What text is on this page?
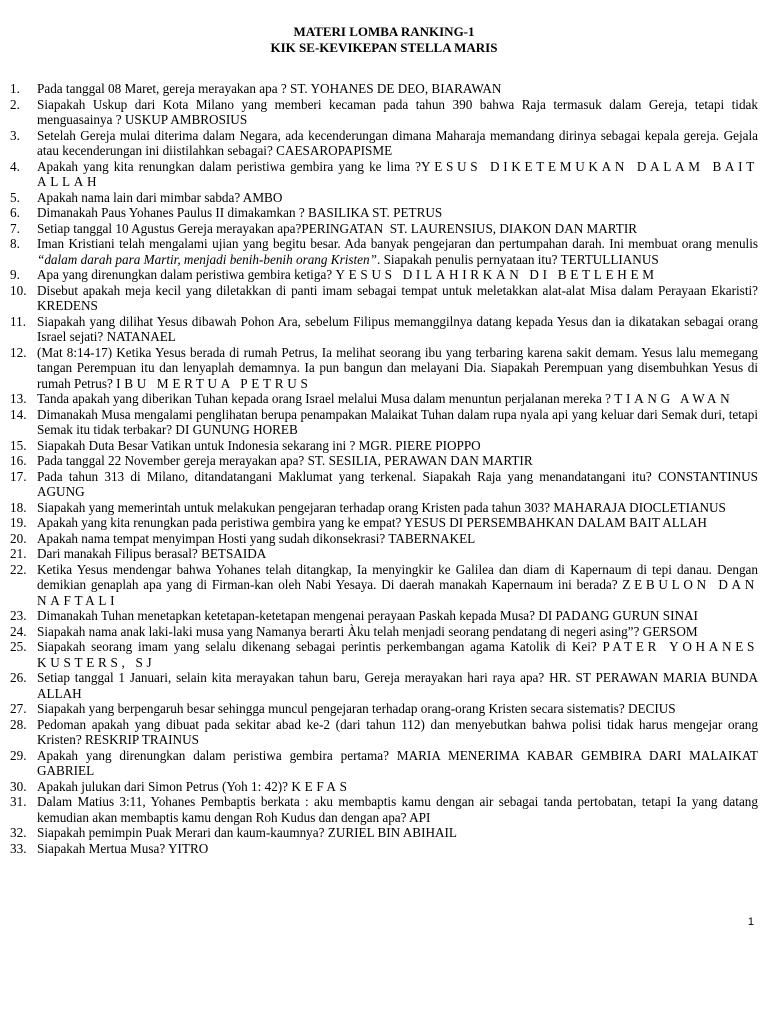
MATERI LOMBA RANKING-1
KIK SE-KEVIKEPAN STELLA MARIS
1. Pada tanggal 08 Maret, gereja merayakan apa ? ST. YOHANES DE DEO, BIARAWAN
2. Siapakah Uskup dari Kota Milano yang memberi kecaman pada tahun 390 bahwa Raja termasuk dalam Gereja, tetapi tidak menguasainya ? USKUP AMBROSIUS
3. Setelah Gereja mulai diterima dalam Negara, ada kecenderungan dimana Maharaja memandang dirinya sebagai kepala gereja. Gejala atau kecenderungan ini diistilahkan sebagai? CAESAROPAPISME
4. Apakah yang kita renungkan dalam peristiwa gembira yang ke lima ?YESUS DIKETEMUKAN DALAM BAIT ALLAH
5. Apakah nama lain dari mimbar sabda? AMBO
6. Dimanakah Paus Yohanes Paulus II dimakamkan ? BASILIKA ST. PETRUS
7. Setiap tanggal 10 Agustus Gereja merayakan apa?PERINGATAN  ST. LAURENSIUS, DIAKON DAN MARTIR
8. Iman Kristiani telah mengalami ujian yang begitu besar. Ada banyak pengejaran dan pertumpahan darah. Ini membuat orang menulis “dalam darah para Martir, menjadi benih-benih orang Kristen”. Siapakah penulis pernyataan itu? TERTULLIANUS
9. Apa yang direnungkan dalam peristiwa gembira ketiga? YESUS DILAHIRKAN DI BETLEHEM
10. Disebut apakah meja kecil yang diletakkan di panti imam sebagai tempat untuk meletakkan alat-alat Misa dalam Perayaan Ekaristi? KREDENS
11. Siapakah yang dilihat Yesus dibawah Pohon Ara, sebelum Filipus memanggilnya datang kepada Yesus dan ia dikatakan sebagai orang Israel sejati? NATANAEL
12. (Mat 8:14-17) Ketika Yesus berada di rumah Petrus, Ia melihat seorang ibu yang terbaring karena sakit demam. Yesus lalu memegang tangan Perempuan itu dan lenyaplah demamnya. Ia pun bangun dan melayani Dia. Siapakah Perempuan yang disembuhkan Yesus di rumah Petrus? IBU MERTUA PETRUS
13. Tanda apakah yang diberikan Tuhan kepada orang Israel melalui Musa dalam menuntun perjalanan mereka ? TIANG AWAN
14. Dimanakah Musa mengalami penglihatan berupa penampakan Malaikat Tuhan dalam rupa nyala api yang keluar dari Semak duri, tetapi Semak itu tidak terbakar? DI GUNUNG HOREB
15. Siapakah Duta Besar Vatikan untuk Indonesia sekarang ini ? MGR. PIERE PIOPPO
16. Pada tanggal 22 November gereja merayakan apa? ST. SESILIA, PERAWAN DAN MARTIR
17. Pada tahun 313 di Milano, ditandatangani Maklumat yang terkenal. Siapakah Raja yang menandatangani itu? CONSTANTINUS AGUNG
18. Siapakah yang memerintah untuk melakukan pengejaran terhadap orang Kristen pada tahun 303? MAHARAJA DIOCLETIANUS
19. Apakah yang kita renungkan pada peristiwa gembira yang ke empat? YESUS DI PERSEMBAHKAN DALAM BAIT ALLAH
20. Apakah nama tempat menyimpan Hosti yang sudah dikonsekrasi? TABERNAKEL
21. Dari manakah Filipus berasal? BETSAIDA
22. Ketika Yesus mendengar bahwa Yohanes telah ditangkap, Ia menyingkir ke Galilea dan diam di Kapernaum di tepi danau. Dengan demikian genaplah apa yang di Firman-kan oleh Nabi Yesaya. Di daerah manakah Kapernaum ini berada? ZEBULON DAN NAFTALI
23. Dimanakah Tuhan menetapkan ketetapan-ketetapan mengenai perayaan Paskah kepada Musa? DI PADANG GURUN SINAI
24. Siapakah nama anak laki-laki musa yang Namanya berarti Àku telah menjadi seorang pendatang di negeri asing”? GERSOM
25. Siapakah seorang imam yang selalu dikenang sebagai perintis perkembangan agama Katolik di Kei? PATER YOHANES KUSTERS, SJ
26. Setiap tanggal 1 Januari, selain kita merayakan tahun baru, Gereja merayakan hari raya apa? HR. ST PERAWAN MARIA BUNDA ALLAH
27. Siapakah yang berpengaruh besar sehingga muncul pengejaran terhadap orang-orang Kristen secara sistematis? DECIUS
28. Pedoman apakah yang dibuat pada sekitar abad ke-2 (dari tahun 112) dan menyebutkan bahwa polisi tidak harus mengejar orang Kristen? RESKRIP TRAINUS
29. Apakah yang direnungkan dalam peristiwa gembira pertama? MARIA MENERIMA KABAR GEMBIRA DARI MALAIKAT GABRIEL
30. Apakah julukan dari Simon Petrus (Yoh 1: 42)? KEFAS
31. Dalam Matius 3:11, Yohanes Pembaptis berkata : aku membaptis kamu dengan air sebagai tanda pertobatan, tetapi Ia yang datang kemudian akan membaptis kamu dengan Roh Kudus dan dengan apa? API
32. Siapakah pemimpin Puak Merari dan kaum-kaumnya? ZURIEL BIN ABIHAIL
33. Siapakah Mertua Musa? YITRO
1
